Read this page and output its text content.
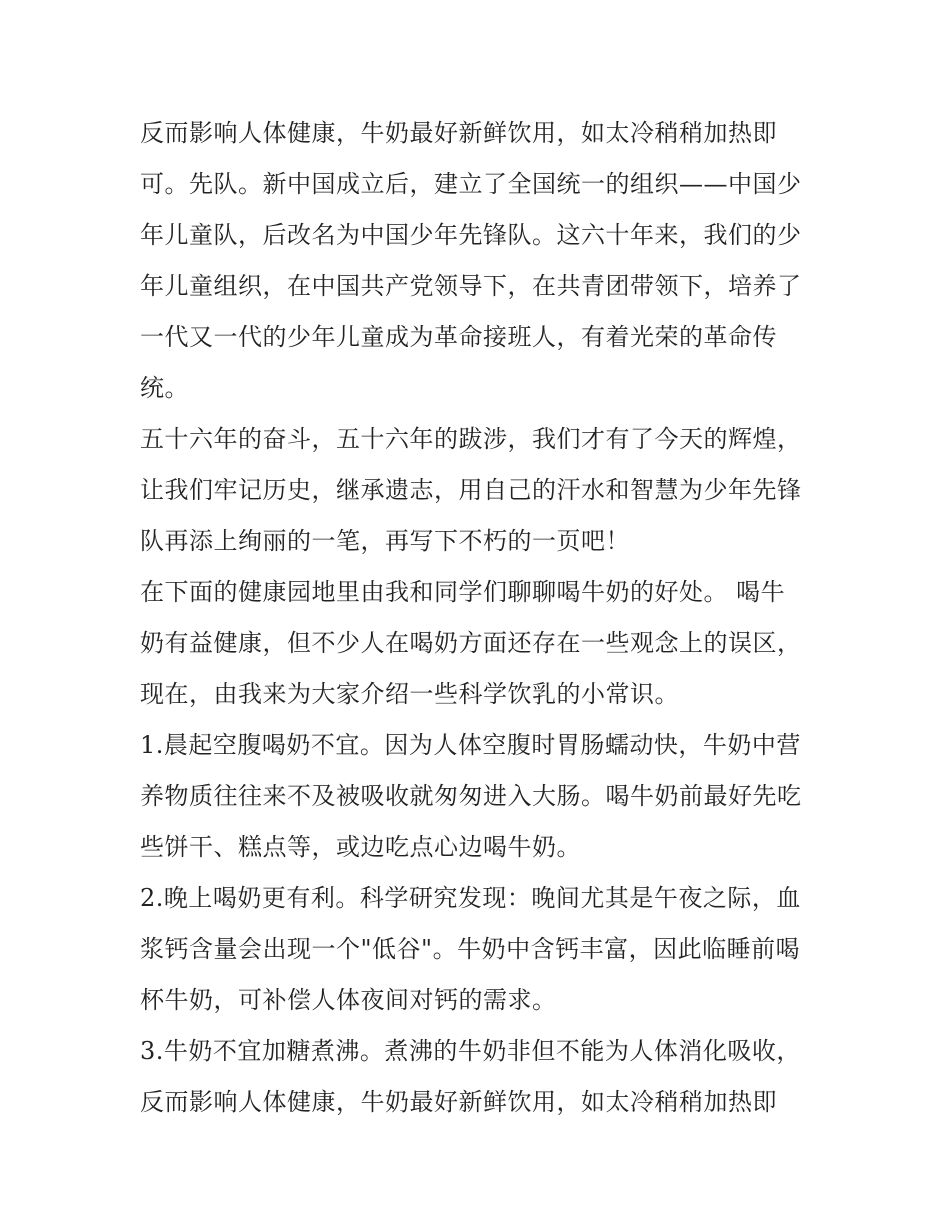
反而影响人体健康，牛奶最好新鲜饮用，如太冷稍稍加热即
可。先队。新中国成立后，建立了全国统一的组织——中国少
年儿童队，后改名为中国少年先锋队。这六十年来，我们的少
年儿童组织，在中国共产党领导下，在共青团带领下，培养了
一代又一代的少年儿童成为革命接班人，有着光荣的革命传
统。
五十六年的奋斗，五十六年的跋涉，我们才有了今天的辉煌，
让我们牢记历史，继承遗志，用自己的汗水和智慧为少年先锋
队再添上绚丽的一笔，再写下不朽的一页吧！
在下面的健康园地里由我和同学们聊聊喝牛奶的好处。 喝牛
奶有益健康，但不少人在喝奶方面还存在一些观念上的误区，
现在，由我来为大家介绍一些科学饮乳的小常识。
1.晨起空腹喝奶不宜。因为人体空腹时胃肠蠕动快，牛奶中营
养物质往往来不及被吸收就匆匆进入大肠。喝牛奶前最好先吃
些饼干、糕点等，或边吃点心边喝牛奶。
2.晚上喝奶更有利。科学研究发现：晚间尤其是午夜之际，血
浆钙含量会出现一个"低谷"。牛奶中含钙丰富，因此临睡前喝
杯牛奶，可补偿人体夜间对钙的需求。
3.牛奶不宜加糖煮沸。煮沸的牛奶非但不能为人体消化吸收，
反而影响人体健康，牛奶最好新鲜饮用，如太冷稍稍加热即
